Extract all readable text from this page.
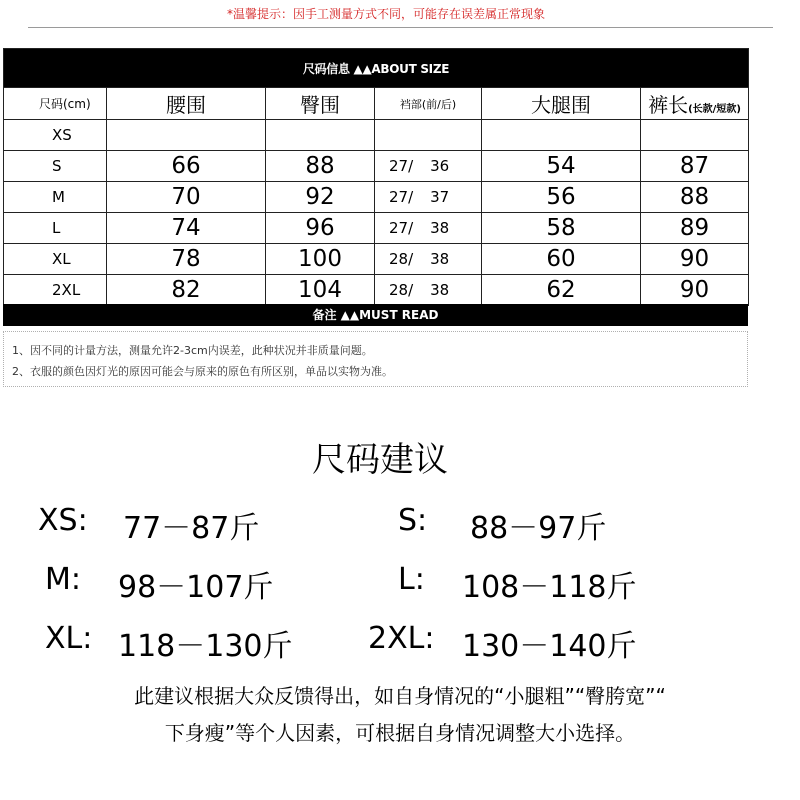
*温馨提示：因手工测量方式不同，可能存在误差属正常现象
尺码信息 ▲▲ABOUT SIZE					
尺码(cm)	腰围	臀围	裆部(前/后)	大腿围	裤长(长款/短款)
XS					
S	66	88	27/ 36	54	87
M	70	92	27/ 37	56	88
L	74	96	27/ 38	58	89
XL	78	100	28/ 38	60	90
2XL	82	104	28/ 38	62	90
备注 ▲▲MUST READ
1、因不同的计量方法，测量允许2-3cm内误差，此种状况并非质量问题。
2、衣服的颜色因灯光的原因可能会与原来的原色有所区别，单品以实物为准。
尺码建议
XS: 77－87斤	S: 88－97斤
M: 98－107斤	L: 108－118斤
XL: 118－130斤	2XL: 130－140斤
此建议根据大众反馈得出，如自身情况的“小腿粗”“臀胯宽”“
下身瘦”等个人因素，可根据自身情况调整大小选择。
